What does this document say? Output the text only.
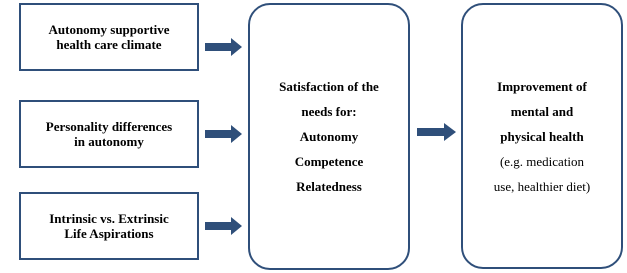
Autonomy supportive
health care climate
Personality differences
in autonomy
Intrinsic vs. Extrinsic
Life Aspirations
Satisfaction of the
needs for:
Autonomy
Competence
Relatedness
Improvement of
mental and
physical health
(e.g. medication
use, healthier diet)
